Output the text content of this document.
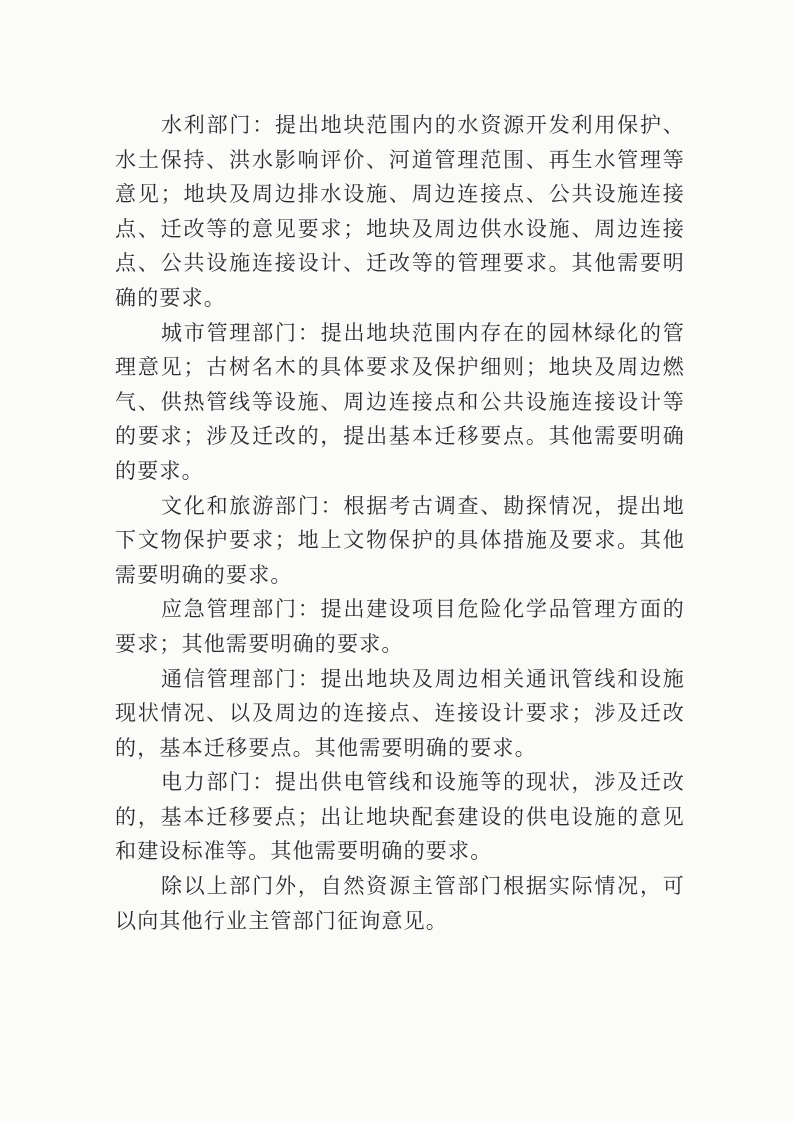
水利部门：提出地块范围内的水资源开发利用保护、水土保持、洪水影响评价、河道管理范围、再生水管理等意见；地块及周边排水设施、周边连接点、公共设施连接点、迁改等的意见要求；地块及周边供水设施、周边连接点、公共设施连接设计、迁改等的管理要求。其他需要明确的要求。

城市管理部门：提出地块范围内存在的园林绿化的管理意见；古树名木的具体要求及保护细则；地块及周边燃气、供热管线等设施、周边连接点和公共设施连接设计等的要求；涉及迁改的，提出基本迁移要点。其他需要明确的要求。

文化和旅游部门：根据考古调查、勘探情况，提出地下文物保护要求；地上文物保护的具体措施及要求。其他需要明确的要求。

应急管理部门：提出建设项目危险化学品管理方面的要求；其他需要明确的要求。

通信管理部门：提出地块及周边相关通讯管线和设施现状情况、以及周边的连接点、连接设计要求；涉及迁改的，基本迁移要点。其他需要明确的要求。

电力部门：提出供电管线和设施等的现状，涉及迁改的，基本迁移要点；出让地块配套建设的供电设施的意见和建设标准等。其他需要明确的要求。

除以上部门外，自然资源主管部门根据实际情况，可以向其他行业主管部门征询意见。
